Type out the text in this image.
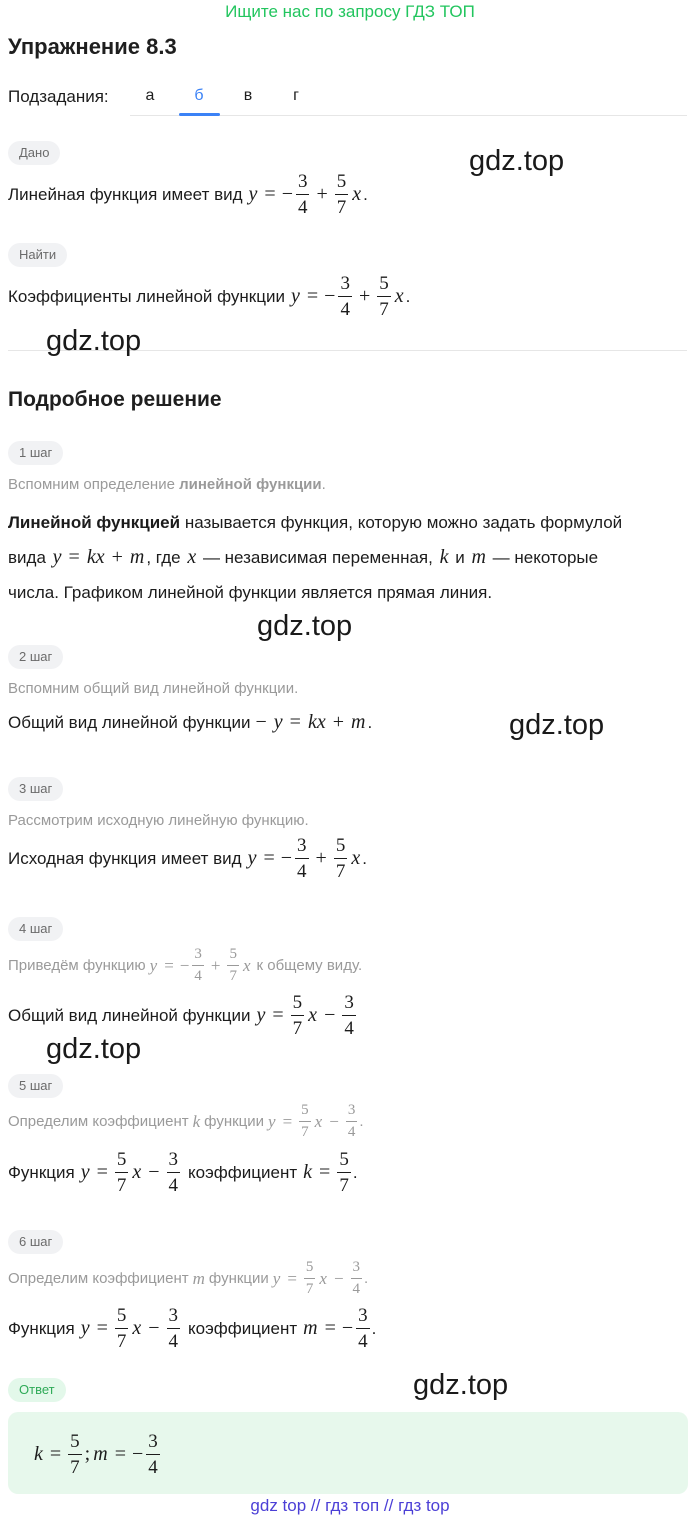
Ищите нас по запросу ГДЗ ТОП
Упражнение 8.3
Подзадания:	а	б	в	г
Дано
Линейная функция имеет вид y = − $\frac{3}{4} + \frac{5}{7}$ x .
Найти
Коэффициенты линейной функции y = − $\frac{3}{4} + \frac{5}{7}$ x .
Подробное решение
1 шаг
Вспомним определение
линейной функции .
Линейной функцией называется функция, которую можно задать формулой
вида y = kx + m , где x — независимая переменная, k и m — некоторые
числа. Графиком линейной функции является прямая линия.
2 шаг
Вспомним общий вид линейной функции.
Общий вид линейной функции − y = kx + m .
3 шаг
Рассмотрим исходную линейную функцию.
Исходная функция имеет вид y = − $\frac{3}{4} + \frac{5}{7}$ x .
4 шаг
Приведём функцию y = − $\frac{3}{4} + \frac{5}{7}$ x к общему виду.
Общий вид линейной функции $y = \frac{5}{7}$ $x - \frac{3}{4}$
5 шаг
Определим коэффициент k функции $y = \frac{5}{7}$ $x - \frac{3}{4}$ .
Функция $y = \frac{5}{7}$ $x - \frac{3}{4}$ коэффициент $k = \frac{5}{7}$ .
6 шаг
Определим коэффициент m функции $y = \frac{5}{7}$ $x - \frac{3}{4}$ .
Функция $y = \frac{5}{7}$ $x - \frac{3}{4}$ коэффициент m = − $\frac{3}{4}$ .
Ответ
$k = \frac{5}{7}$ ; m = − $\frac{3}{4}$
gdz.top
gdz.top
gdz.top
gdz.top
gdz.top
gdz.top
gdz top // гдз топ // гдз top
